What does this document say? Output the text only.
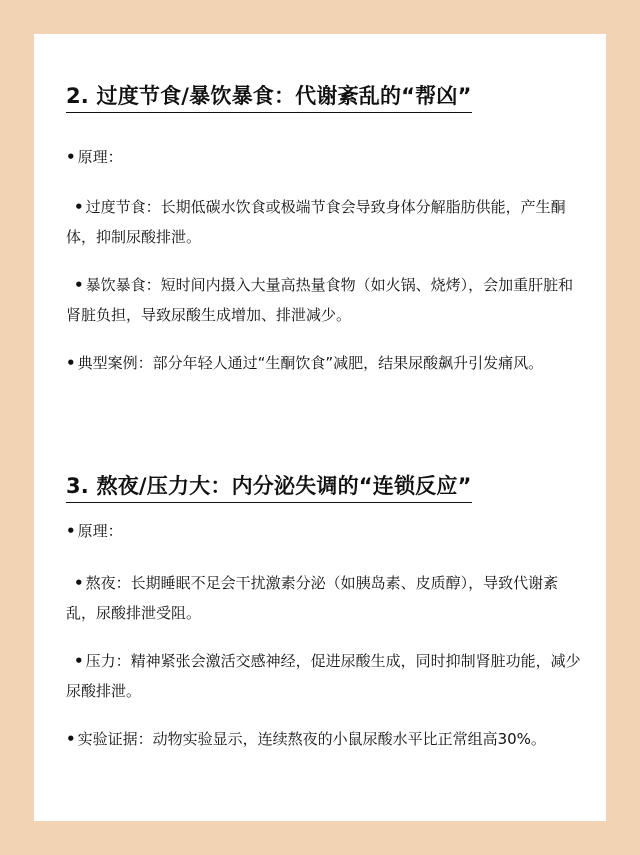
2. 过度节食/暴饮暴食：代谢紊乱的“帮凶”

• 原理：

• 过度节食：长期低碳水饮食或极端节食会导致身体分解脂肪供能，产生酮体，抑制尿酸排泄。

• 暴饮暴食：短时间内摄入大量高热量食物（如火锅、烧烤），会加重肝脏和肾脏负担，导致尿酸生成增加、排泄减少。

• 典型案例：部分年轻人通过“生酮饮食”减肥，结果尿酸飙升引发痛风。

3. 熬夜/压力大：内分泌失调的“连锁反应”

• 原理：

• 熬夜：长期睡眠不足会干扰激素分泌（如胰岛素、皮质醇），导致代谢紊乱，尿酸排泄受阻。

• 压力：精神紧张会激活交感神经，促进尿酸生成，同时抑制肾脏功能，减少尿酸排泄。

• 实验证据：动物实验显示，连续熬夜的小鼠尿酸水平比正常组高30%。
